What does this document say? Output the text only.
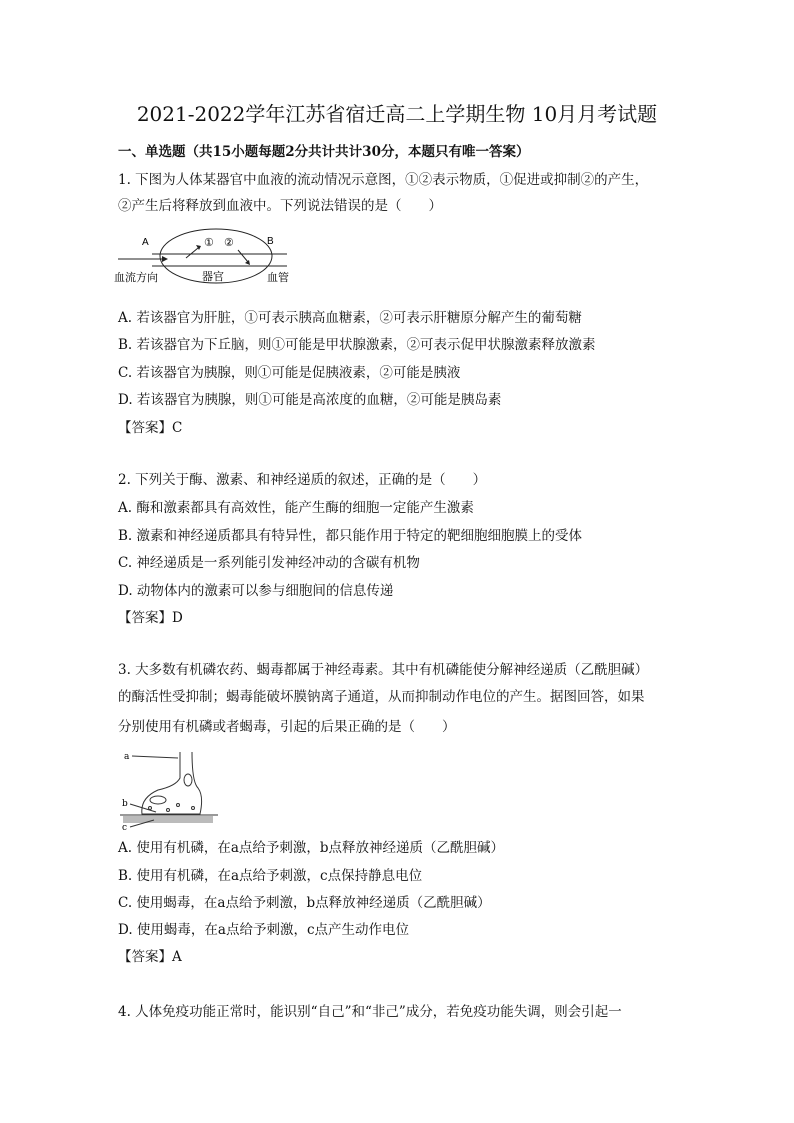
2021-2022学年江苏省宿迁高二上学期生物 10月月考试题
一、单选题（共15小题每题2分共计共计30分，本题只有唯一答案）
1. 下图为人体某器官中血液的流动情况示意图，①②表示物质，①促进或抑制②的产生，
②产生后将释放到血液中。下列说法错误的是（　　）
A	B
① ②
血流方向	器官	血管
A. 若该器官为肝脏，①可表示胰高血糖素，②可表示肝糖原分解产生的葡萄糖
B. 若该器官为下丘脑，则①可能是甲状腺激素，②可表示促甲状腺激素释放激素
C. 若该器官为胰腺，则①可能是促胰液素，②可能是胰液
D. 若该器官为胰腺，则①可能是高浓度的血糖，②可能是胰岛素
【答案】C
2. 下列关于酶、激素、和神经递质的叙述，正确的是（　　）
A. 酶和激素都具有高效性，能产生酶的细胞一定能产生激素
B. 激素和神经递质都具有特异性，都只能作用于特定的靶细胞细胞膜上的受体
C. 神经递质是一系列能引发神经冲动的含碳有机物
D. 动物体内的激素可以参与细胞间的信息传递
【答案】D
3. 大多数有机磷农药、蝎毒都属于神经毒素。其中有机磷能使分解神经递质（乙酰胆碱）
的酶活性受抑制；蝎毒能破坏膜钠离子通道，从而抑制动作电位的产生。据图回答，如果
分别使用有机磷或者蝎毒，引起的后果正确的是（　　）
a
b
c
A. 使用有机磷，在a点给予刺激，b点释放神经递质（乙酰胆碱）
B. 使用有机磷，在a点给予刺激，c点保持静息电位
C. 使用蝎毒，在a点给予刺激，b点释放神经递质（乙酰胆碱）
D. 使用蝎毒，在a点给予刺激，c点产生动作电位
【答案】A
4. 人体免疫功能正常时，能识别“自己”和“非己”成分，若免疫功能失调，则会引起一
